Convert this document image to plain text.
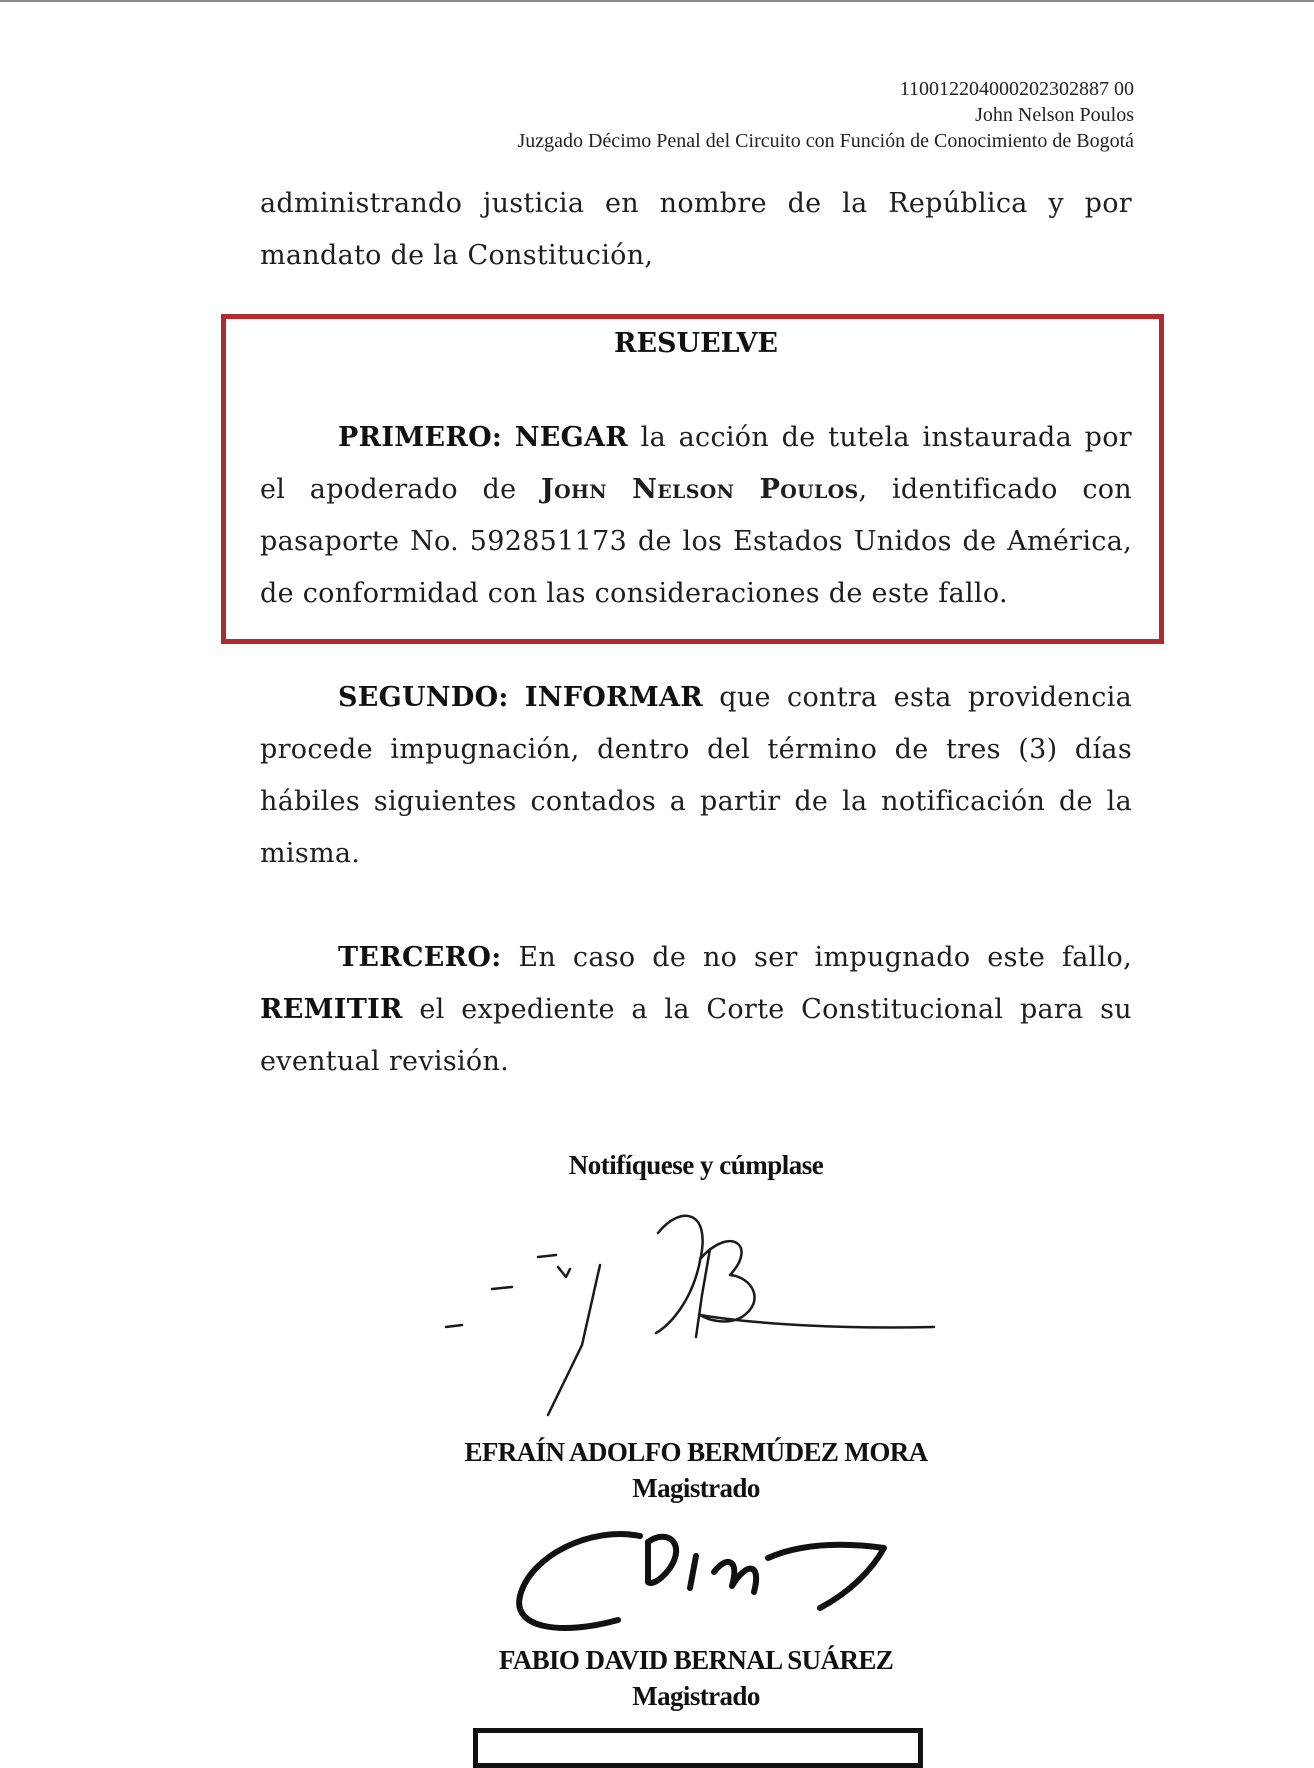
110012204000202302887 00
John Nelson Poulos
Juzgado Décimo Penal del Circuito con Función de Conocimiento de Bogotá
administrando justicia en nombre de la República y por mandato de la Constitución,
RESUELVE
PRIMERO: NEGAR la acción de tutela instaurada por el apoderado de John Nelson Poulos, identificado con pasaporte No. 592851173 de los Estados Unidos de América, de conformidad con las consideraciones de este fallo.
SEGUNDO: INFORMAR que contra esta providencia procede impugnación, dentro del término de tres (3) días hábiles siguientes contados a partir de la notificación de la misma.
TERCERO: En caso de no ser impugnado este fallo, REMITIR el expediente a la Corte Constitucional para su eventual revisión.
Notifíquese y cúmplase
EFRAÍN ADOLFO BERMÚDEZ MORA
Magistrado
FABIO DAVID BERNAL SUÁREZ
Magistrado
